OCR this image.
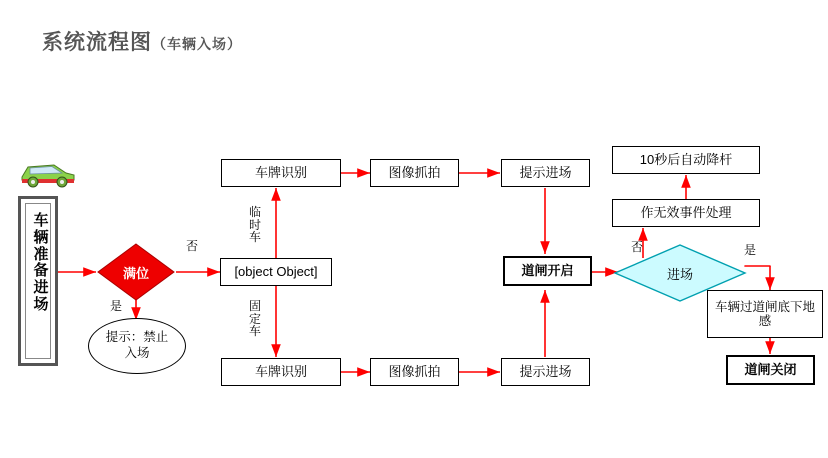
系统流程图（车辆入场）
车辆准备进场
满位
否
是
提示：禁止入场
[object Object]
临时车
固定车
车牌识别	图像抓拍	提示进场
车牌识别	图像抓拍	提示进场
道闸开启	进场
否	是
作无效事件处理
10秒后自动降杆
车辆过道闸底下地感
道闸关闭
